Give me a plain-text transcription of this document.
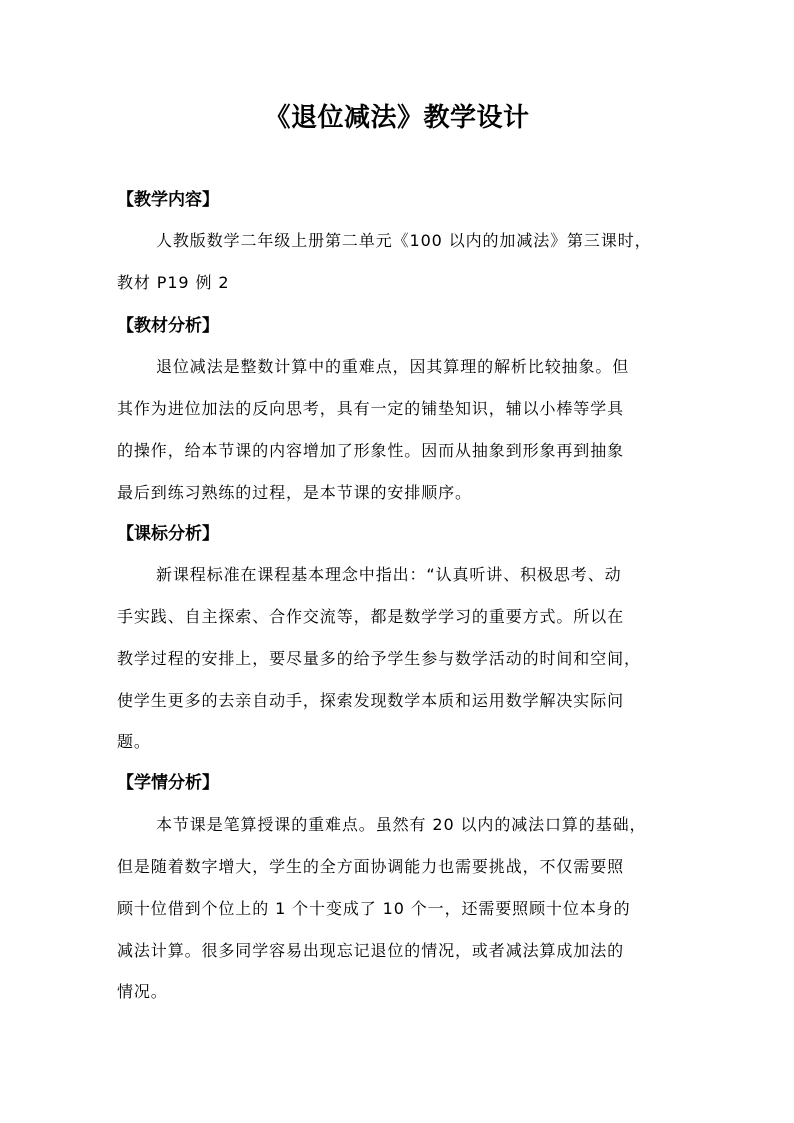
《退位减法》教学设计
【教学内容】
人教版数学二年级上册第二单元《100 以内的加减法》第三课时，
教材 P19 例 2
【教材分析】
退位减法是整数计算中的重难点，因其算理的解析比较抽象。但
其作为进位加法的反向思考，具有一定的铺垫知识，辅以小棒等学具
的操作，给本节课的内容增加了形象性。因而从抽象到形象再到抽象
最后到练习熟练的过程，是本节课的安排顺序。
【课标分析】
新课程标准在课程基本理念中指出：“认真听讲、积极思考、动
手实践、自主探索、合作交流等，都是数学学习的重要方式。所以在
教学过程的安排上，要尽量多的给予学生参与数学活动的时间和空间，
使学生更多的去亲自动手，探索发现数学本质和运用数学解决实际问
题。
【学情分析】
本节课是笔算授课的重难点。虽然有 20 以内的减法口算的基础，
但是随着数字增大，学生的全方面协调能力也需要挑战，不仅需要照
顾十位借到个位上的 1 个十变成了 10 个一，还需要照顾十位本身的
减法计算。很多同学容易出现忘记退位的情况，或者减法算成加法的
情况。
